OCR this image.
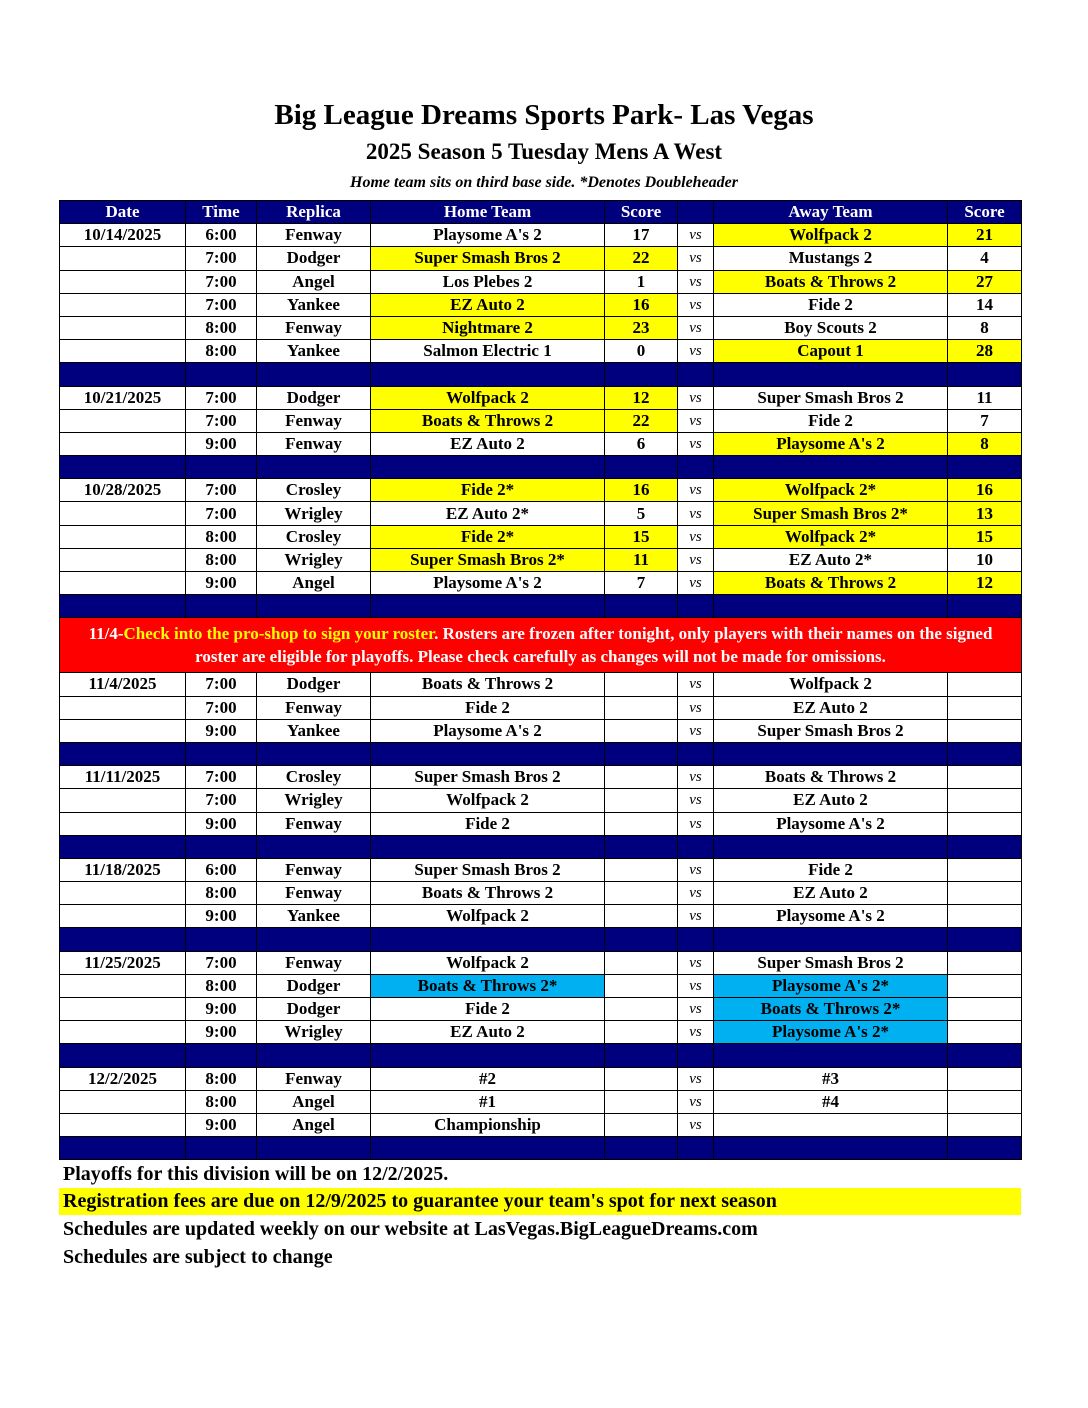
Big League Dreams Sports Park- Las Vegas
2025 Season 5 Tuesday Mens A West
Home team sits on third base side. *Denotes Doubleheader
Date	Time	Replica	Home Team	Score		Away Team	Score
10/14/2025	6:00	Fenway	Playsome A's 2	17	vs	Wolfpack 2	21
	7:00	Dodger	Super Smash Bros 2	22	vs	Mustangs 2	4
	7:00	Angel	Los Plebes 2	1	vs	Boats & Throws 2	27
	7:00	Yankee	EZ Auto 2	16	vs	Fide 2	14
	8:00	Fenway	Nightmare 2	23	vs	Boy Scouts 2	8
	8:00	Yankee	Salmon Electric 1	0	vs	Capout 1	28

10/21/2025	7:00	Dodger	Wolfpack 2	12	vs	Super Smash Bros 2	11
	7:00	Fenway	Boats & Throws 2	22	vs	Fide 2	7
	9:00	Fenway	EZ Auto 2	6	vs	Playsome A's 2	8

10/28/2025	7:00	Crosley	Fide 2*	16	vs	Wolfpack 2*	16
	7:00	Wrigley	EZ Auto 2*	5	vs	Super Smash Bros 2*	13
	8:00	Crosley	Fide 2*	15	vs	Wolfpack 2*	15
	8:00	Wrigley	Super Smash Bros 2*	11	vs	EZ Auto 2*	10
	9:00	Angel	Playsome A's 2	7	vs	Boats & Throws 2	12

11/4-Check into the pro-shop to sign your roster. Rosters are frozen after tonight, only players with their names on the signed roster are eligible for playoffs. Please check carefully as changes will not be made for omissions.							
11/4/2025	7:00	Dodger	Boats & Throws 2		vs	Wolfpack 2	
	7:00	Fenway	Fide 2		vs	EZ Auto 2	
	9:00	Yankee	Playsome A's 2		vs	Super Smash Bros 2	

11/11/2025	7:00	Crosley	Super Smash Bros 2		vs	Boats & Throws 2	
	7:00	Wrigley	Wolfpack 2		vs	EZ Auto 2	
	9:00	Fenway	Fide 2		vs	Playsome A's 2	

11/18/2025	6:00	Fenway	Super Smash Bros 2		vs	Fide 2	
	8:00	Fenway	Boats & Throws 2		vs	EZ Auto 2	
	9:00	Yankee	Wolfpack 2		vs	Playsome A's 2	

11/25/2025	7:00	Fenway	Wolfpack 2		vs	Super Smash Bros 2	
	8:00	Dodger	Boats & Throws 2*		vs	Playsome A's 2*	
	9:00	Dodger	Fide 2		vs	Boats & Throws 2*	
	9:00	Wrigley	EZ Auto 2		vs	Playsome A's 2*	

12/2/2025	8:00	Fenway	#2		vs	#3	
	8:00	Angel	#1		vs	#4	
	9:00	Angel	Championship		vs		

Playoffs for this division will be on 12/2/2025.
Registration fees are due on 12/9/2025 to guarantee your team's spot for next season
Schedules are updated weekly on our website at LasVegas.BigLeagueDreams.com
Schedules are subject to change
